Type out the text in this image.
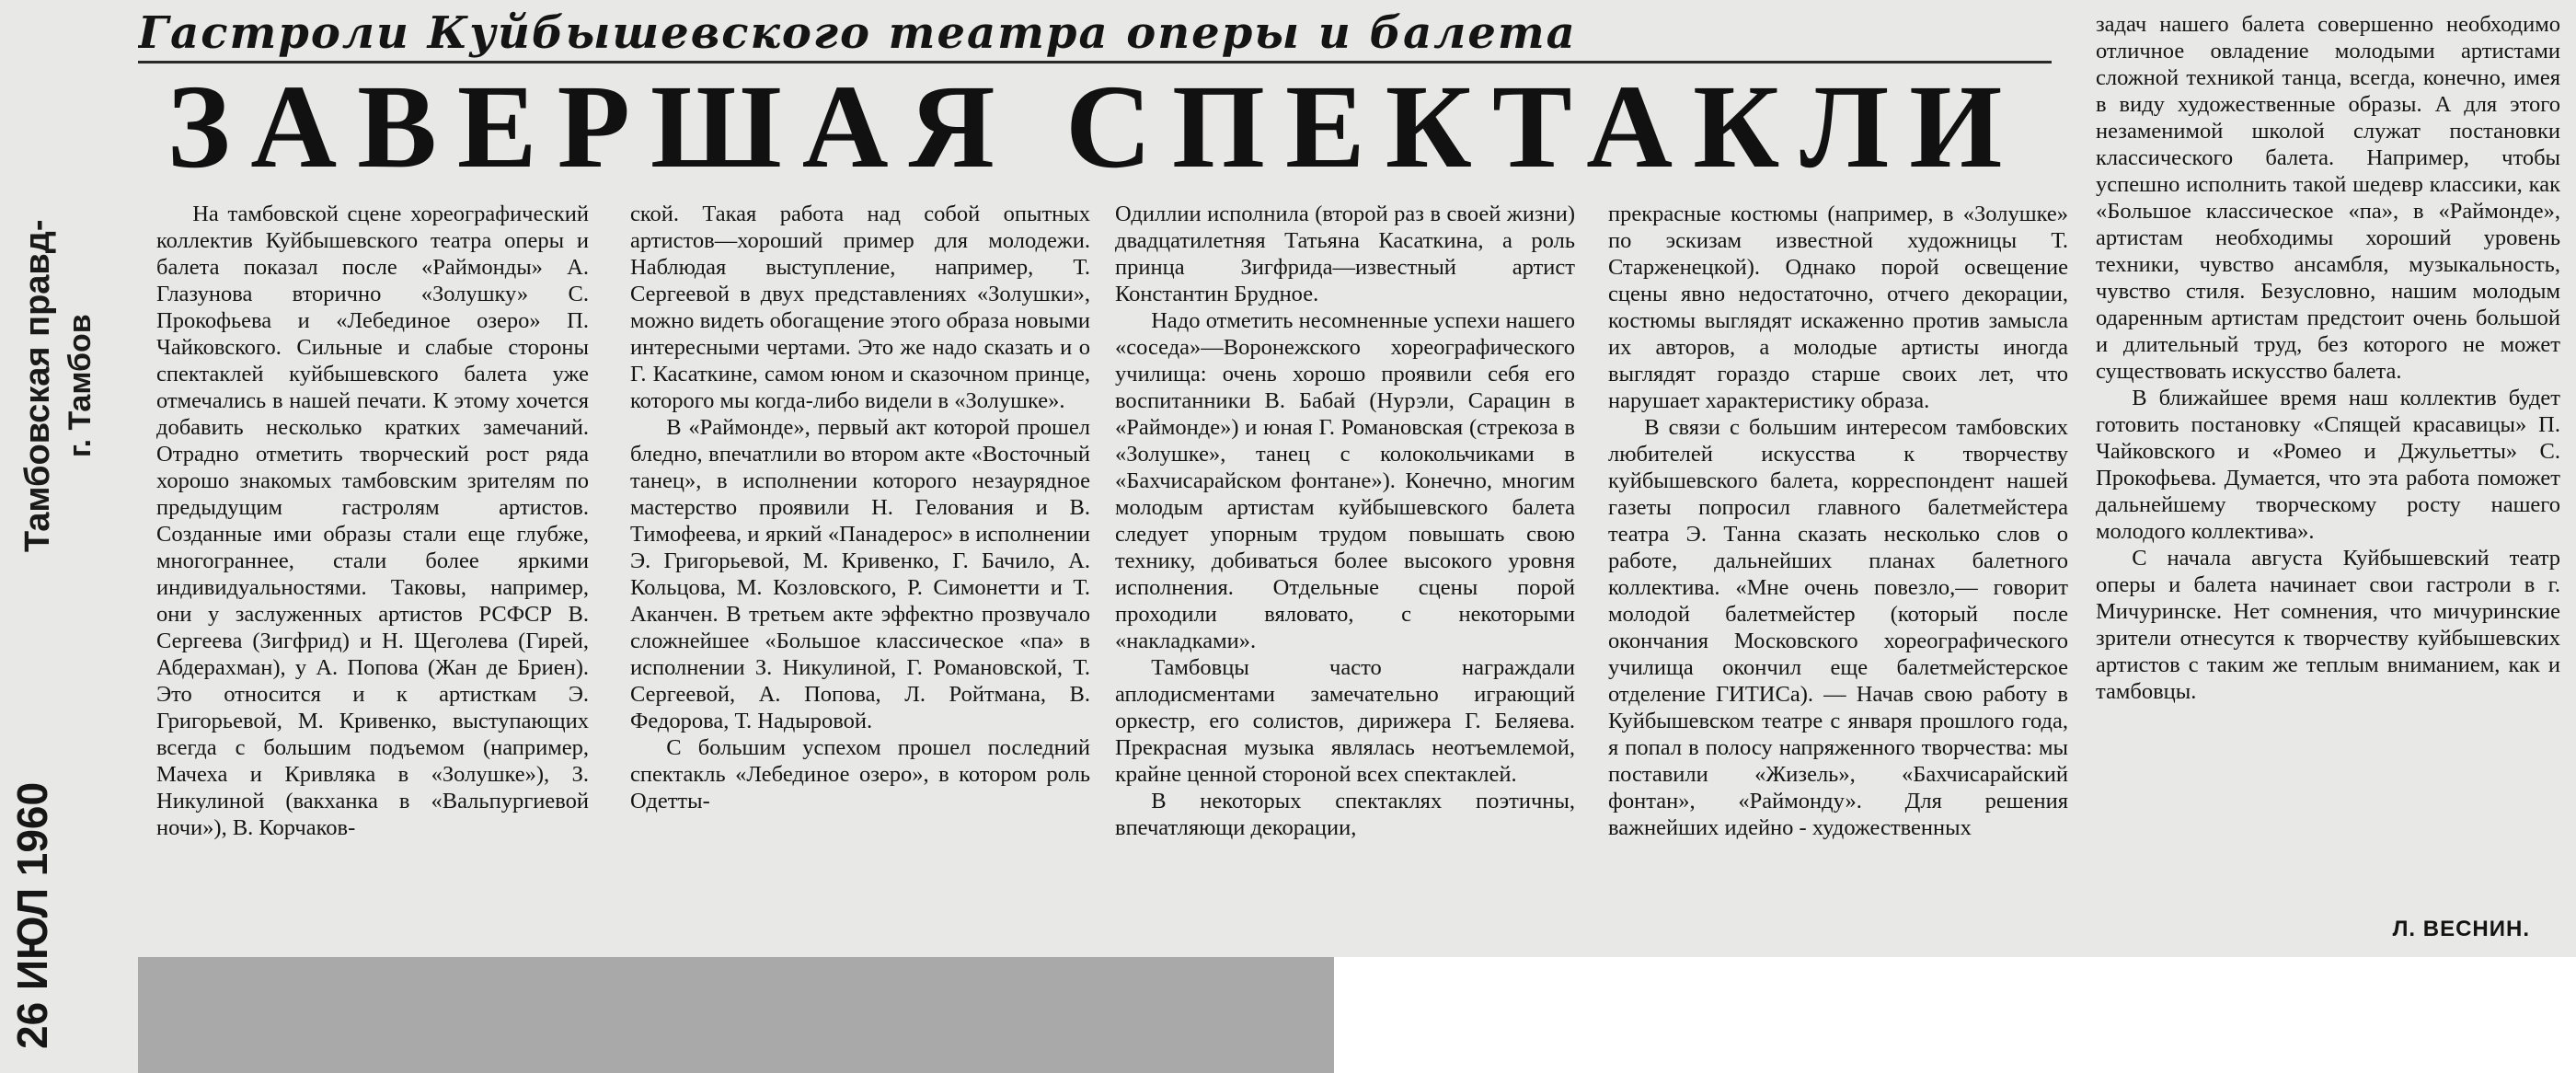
Тамбовская правд- г. Тамбов
26 ИЮЛ 1960
Гастроли Куйбышевского театра оперы и балета
ЗАВЕРШАЯ СПЕКТАКЛИ

На тамбовской сцене хореографический коллектив Куйбышевского театра оперы и балета показал после «Раймонды» А. Глазунова вторично «Золушку» С. Прокофьева и «Лебединое озеро» П. Чайковского. Сильные и слабые стороны спектаклей куйбышевского балета уже отмечались в нашей печати. К этому хочется добавить несколько кратких замечаний. Отрадно отметить творческий рост ряда хорошо знакомых тамбовским зрителям по предыдущим гастролям артистов. Созданные ими образы стали еще глубже, многограннее, стали более яркими индивидуальностями. Таковы, например, они у заслуженных артистов РСФСР В. Сергеева (Зигфрид) и Н. Щеголева (Гирей, Абдерахман), у А. Попова (Жан де Бриен). Это относится и к артисткам Э. Григорьевой, М. Кривенко, выступающих всегда с большим подъемом (например, Мачеха и Кривляка в «Золушке»), З. Никулиной (вакханка в «Вальпургиевой ночи»), В. Корчаков-

ской. Такая работа над собой опытных артистов—хороший пример для молодежи. Наблюдая выступление, например, Т. Сергеевой в двух представлениях «Золушки», можно видеть обогащение этого образа новыми интересными чертами. Это же надо сказать и о Г. Касаткине, самом юном и сказочном принце, которого мы когда-либо видели в «Золушке».

В «Раймонде», первый акт которой прошел бледно, впечатлили во втором акте «Восточный танец», в исполнении которого незаурядное мастерство проявили Н. Гелования и В. Тимофеева, и яркий «Панадерос» в исполнении Э. Григорьевой, М. Кривенко, Г. Бачило, А. Кольцова, М. Козловского, Р. Симонетти и Т. Аканчен. В третьем акте эффектно прозвучало сложнейшее «Большое классическое «па» в исполнении З. Никулиной, Г. Романовской, Т. Сергеевой, А. Попова, Л. Ройтмана, В. Федорова, Т. Надыровой.

С большим успехом прошел последний спектакль «Лебединое озеро», в котором роль Одетты-

Одиллии исполнила (второй раз в своей жизни) двадцатилетняя Татьяна Касаткина, а роль принца Зигфрида—известный артист Константин Брудное.

Надо отметить несомненные успехи нашего «соседа»—Воронежского хореографического училища: очень хорошо проявили себя его воспитанники В. Бабай (Нурэли, Сарацин в «Раймонде») и юная Г. Романовская (стрекоза в «Золушке», танец с колокольчиками в «Бахчисарайском фонтане»). Конечно, многим молодым артистам куйбышевского балета следует упорным трудом повышать свою технику, добиваться более высокого уровня исполнения. Отдельные сцены порой проходили вяловато, с некоторыми «накладками».

Тамбовцы часто награждали аплодисментами замечательно играющий оркестр, его солистов, дирижера Г. Беляева. Прекрасная музыка являлась неотъемлемой, крайне ценной стороной всех спектаклей.

В некоторых спектаклях поэтичны, впечатляющи декорации,

прекрасные костюмы (например, в «Золушке» по эскизам известной художницы Т. Старженецкой). Однако порой освещение сцены явно недостаточно, отчего декорации, костюмы выглядят искаженно против замысла их авторов, а молодые артисты иногда выглядят гораздо старше своих лет, что нарушает характеристику образа.

В связи с большим интересом тамбовских любителей искусства к творчеству куйбышевского балета, корреспондент нашей газеты попросил главного балетмейстера театра Э. Танна сказать несколько слов о работе, дальнейших планах балетного коллектива. «Мне очень повезло,— говорит молодой балетмейстер (который после окончания Московского хореографического училища окончил еще балетмейстерское отделение ГИТИСа). — Начав свою работу в Куйбышевском театре с января прошлого года, я попал в полосу напряженного творчества: мы поставили «Жизель», «Бахчисарайский фонтан», «Раймонду». Для решения важнейших идейно - художественных

задач нашего балета совершенно необходимо отличное овладение молодыми артистами сложной техникой танца, всегда, конечно, имея в виду художественные образы. А для этого незаменимой школой служат постановки классического балета. Например, чтобы успешно исполнить такой шедевр классики, как «Большое классическое «па», в «Раймонде», артистам необходимы хороший уровень техники, чувство ансамбля, музыкальность, чувство стиля. Безусловно, нашим молодым одаренным артистам предстоит очень большой и длительный труд, без которого не может существовать искусство балета.

В ближайшее время наш коллектив будет готовить постановку «Спящей красавицы» П. Чайковского и «Ромео и Джульетты» С. Прокофьева. Думается, что эта работа поможет дальнейшему творческому росту нашего молодого коллектива».

С начала августа Куйбышевский театр оперы и балета начинает свои гастроли в г. Мичуринске. Нет сомнения, что мичуринские зрители отнесутся к творчеству куйбышевских артистов с таким же теплым вниманием, как и тамбовцы.

Л. ВЕСНИН.
